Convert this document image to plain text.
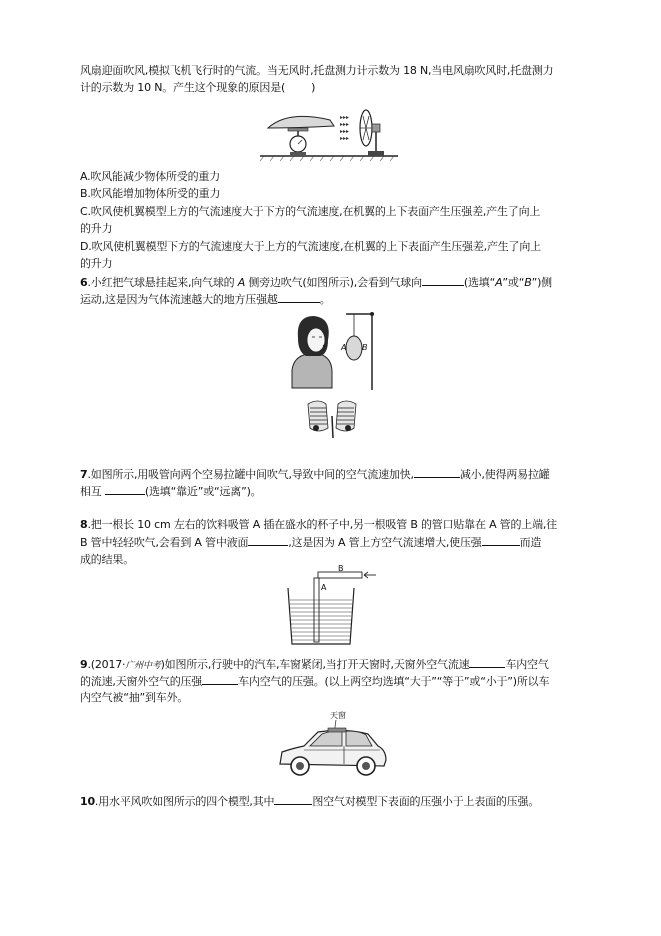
风扇迎面吹风,模拟飞机飞行时的气流。当无风时,托盘测力计示数为 18 N,当电风扇吹风时,托盘测力
计的示数为 10 N。产生这个现象的原因是( )
▸▸▸
▸▸▸
▸▸▸
▸▸▸
A.吹风能减少物体所受的重力
B.吹风能增加物体所受的重力
C.吹风使机翼模型上方的气流速度大于下方的气流速度,在机翼的上下表面产生压强差,产生了向上
的升力
D.吹风使机翼模型下方的气流速度大于上方的气流速度,在机翼的上下表面产生压强差,产生了向上
的升力
6.小红把气球悬挂起来,向气球的 A 侧旁边吹气(如图所示),会看到气球向	(选填“A”或“B”)侧
运动,这是因为气体流速越大的地方压强越	。
A B
7.如图所示,用吸管向两个空易拉罐中间吹气,导致中间的空气流速加快,	减小,使得两易拉罐
相互	(选填“靠近”或“远离”)。
8.把一根长 10 cm 左右的饮料吸管 A 插在盛水的杯子中,另一根吸管 B 的管口贴靠在 A 管的上端,往
B 管中轻轻吹气,会看到 A 管中液面	,这是因为 A 管上方空气流速增大,使压强	而造
成的结果。
B
A
9.(2017·广州中考)如图所示,行驶中的汽车,车窗紧闭,当打开天窗时,天窗外空气流速	车内空气
的流速,天窗外空气的压强	车内空气的压强。(以上两空均选填“大于”“等于”或“小于”)所以车
内空气被“抽”到车外。
天窗
10.用水平风吹如图所示的四个模型,其中	图空气对模型下表面的压强小于上表面的压强。
